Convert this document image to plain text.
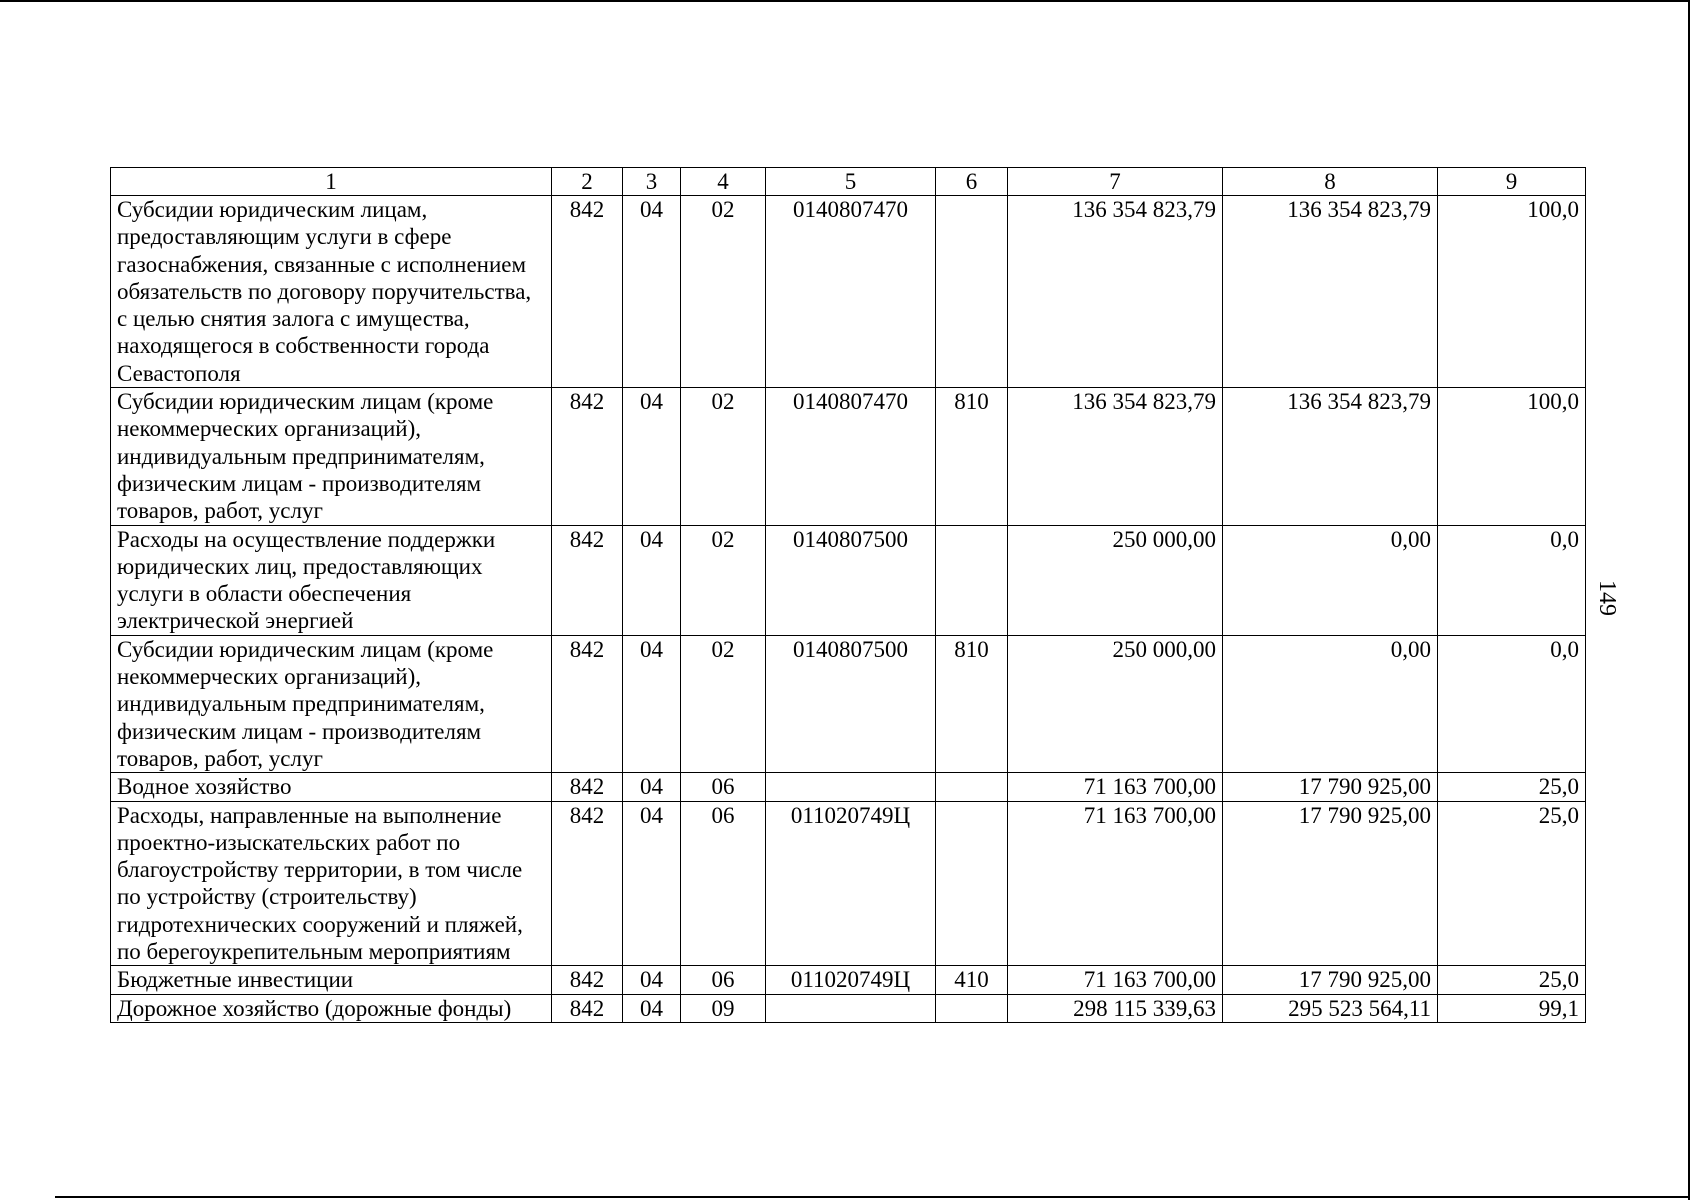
149
1	2	3	4	5	6	7	8	9
Субсидии юридическим лицам, предоставляющим услуги в сфере газоснабжения, связанные с исполнением обязательств по договору поручительства, с целью снятия залога с имущества, находящегося в собственности города Севастополя	842	04	02	0140807470		136 354 823,79	136 354 823,79	100,0
Субсидии юридическим лицам (кроме некоммерческих организаций), индивидуальным предпринимателям, физическим лицам - производителям товаров, работ, услуг	842	04	02	0140807470	810	136 354 823,79	136 354 823,79	100,0
Расходы на осуществление поддержки юридических лиц, предоставляющих услуги в области обеспечения электрической энергией	842	04	02	0140807500		250 000,00	0,00	0,0
Субсидии юридическим лицам (кроме некоммерческих организаций), индивидуальным предпринимателям, физическим лицам - производителям товаров, работ, услуг	842	04	02	0140807500	810	250 000,00	0,00	0,0
Водное хозяйство	842	04	06			71 163 700,00	17 790 925,00	25,0
Расходы, направленные на выполнение проектно-изыскательских работ по благоустройству территории, в том числе по устройству (строительству) гидротехнических сооружений и пляжей, по берегоукрепительным мероприятиям	842	04	06	011020749Ц		71 163 700,00	17 790 925,00	25,0
Бюджетные инвестиции	842	04	06	011020749Ц	410	71 163 700,00	17 790 925,00	25,0
Дорожное хозяйство (дорожные фонды)	842	04	09			298 115 339,63	295 523 564,11	99,1
